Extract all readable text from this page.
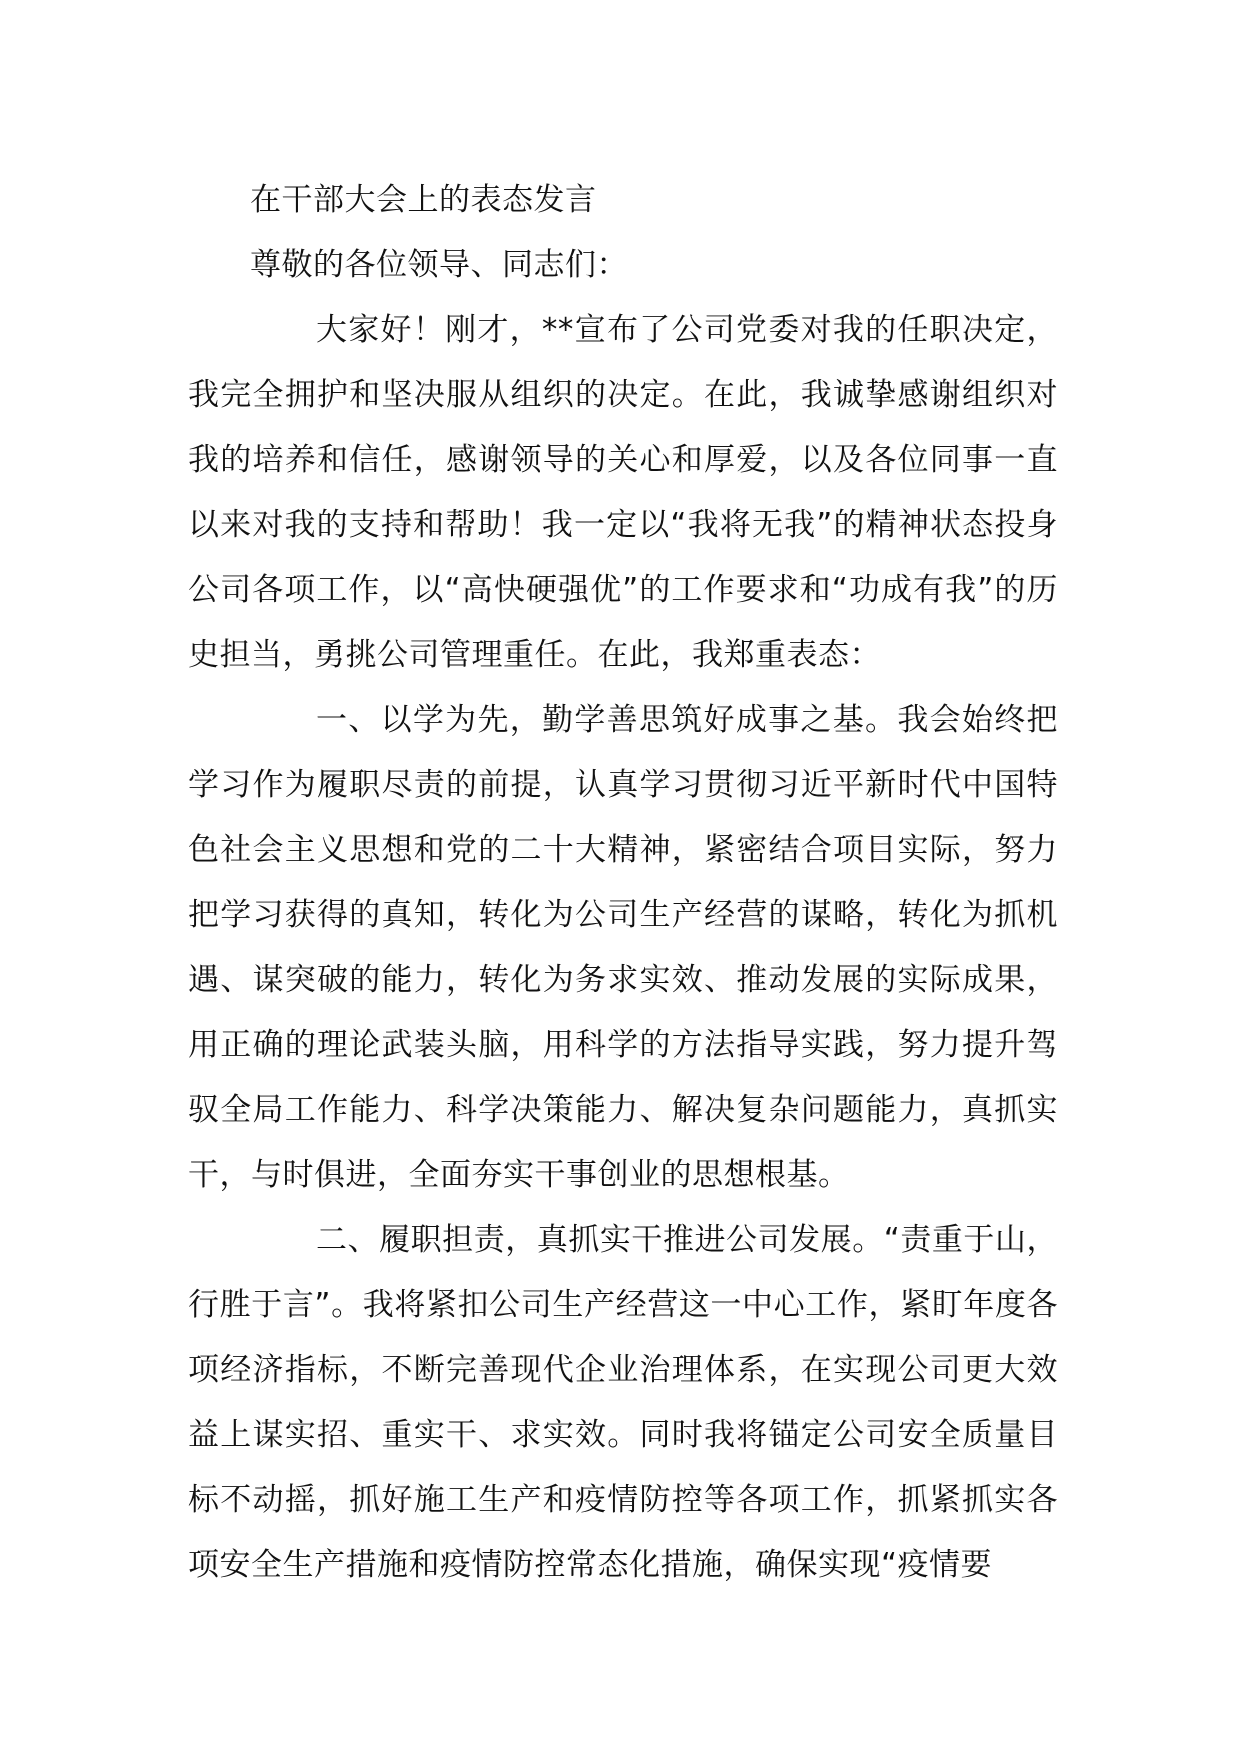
在干部大会上的表态发言

尊敬的各位领导、同志们：

大家好！刚才，**宣布了公司党委对我的任职决定，我完全拥护和坚决服从组织的决定。在此，我诚挚感谢组织对我的培养和信任，感谢领导的关心和厚爱，以及各位同事一直以来对我的支持和帮助！我一定以“我将无我”的精神状态投身公司各项工作，以“高快硬强优”的工作要求和“功成有我”的历史担当，勇挑公司管理重任。在此，我郑重表态：

一、以学为先，勤学善思筑好成事之基。我会始终把学习作为履职尽责的前提，认真学习贯彻习近平新时代中国特色社会主义思想和党的二十大精神，紧密结合项目实际，努力把学习获得的真知，转化为公司生产经营的谋略，转化为抓机遇、谋突破的能力，转化为务求实效、推动发展的实际成果，用正确的理论武装头脑，用科学的方法指导实践，努力提升驾驭全局工作能力、科学决策能力、解决复杂问题能力，真抓实干，与时俱进，全面夯实干事创业的思想根基。

二、履职担责，真抓实干推进公司发展。“责重于山，行胜于言”。我将紧扣公司生产经营这一中心工作，紧盯年度各项经济指标，不断完善现代企业治理体系，在实现公司更大效益上谋实招、重实干、求实效。同时我将锚定公司安全质量目标不动摇，抓好施工生产和疫情防控等各项工作，抓紧抓实各项安全生产措施和疫情防控常态化措施，确保实现“疫情要
